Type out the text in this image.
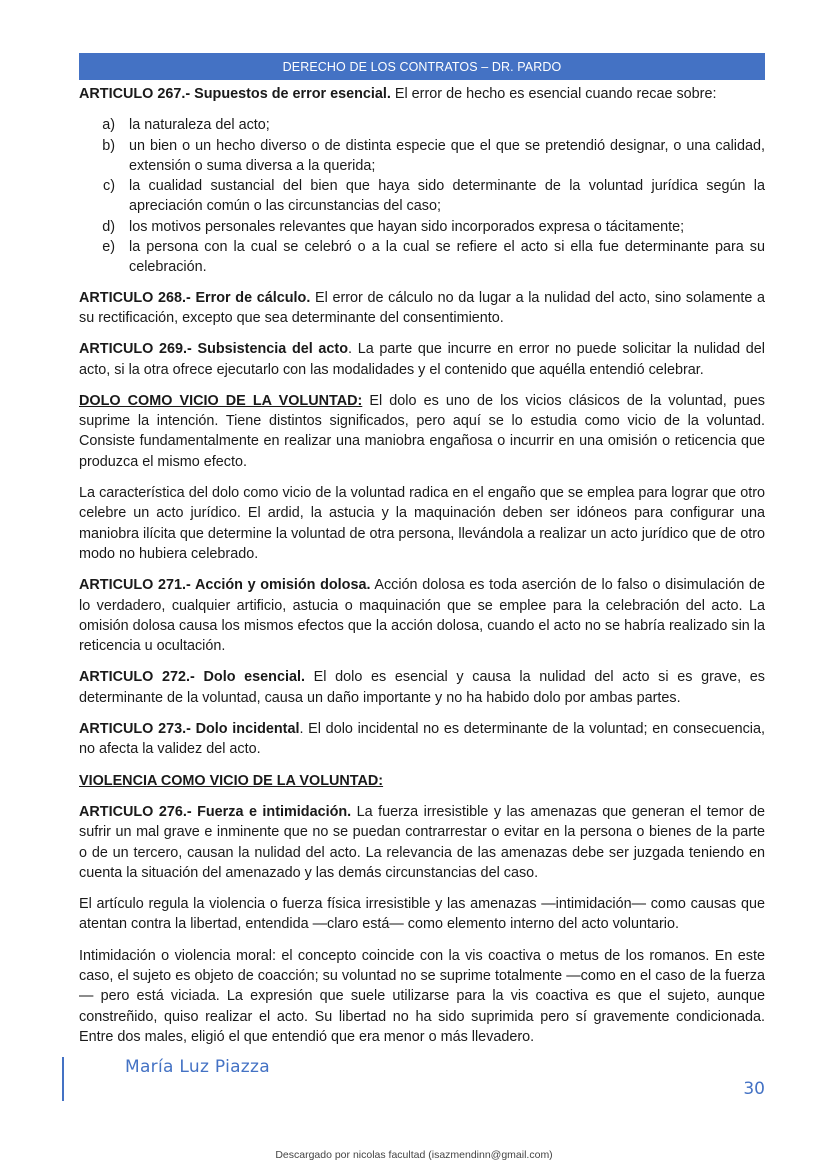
DERECHO DE LOS CONTRATOS – DR. PARDO

ARTICULO 267.- Supuestos de error esencial. El error de hecho es esencial cuando recae sobre:

a) la naturaleza del acto;
b) un bien o un hecho diverso o de distinta especie que el que se pretendió designar, o una calidad, extensión o suma diversa a la querida;
c) la cualidad sustancial del bien que haya sido determinante de la voluntad jurídica según la apreciación común o las circunstancias del caso;
d) los motivos personales relevantes que hayan sido incorporados expresa o tácitamente;
e) la persona con la cual se celebró o a la cual se refiere el acto si ella fue determinante para su celebración.

ARTICULO 268.- Error de cálculo. El error de cálculo no da lugar a la nulidad del acto, sino solamente a su rectificación, excepto que sea determinante del consentimiento.

ARTICULO 269.- Subsistencia del acto. La parte que incurre en error no puede solicitar la nulidad del acto, si la otra ofrece ejecutarlo con las modalidades y el contenido que aquélla entendió celebrar.

DOLO COMO VICIO DE LA VOLUNTAD: El dolo es uno de los vicios clásicos de la voluntad, pues suprime la intención. Tiene distintos significados, pero aquí se lo estudia como vicio de la voluntad. Consiste fundamentalmente en realizar una maniobra engañosa o incurrir en una omisión o reticencia que produzca el mismo efecto.

La característica del dolo como vicio de la voluntad radica en el engaño que se emplea para lograr que otro celebre un acto jurídico. El ardid, la astucia y la maquinación deben ser idóneos para configurar una maniobra ilícita que determine la voluntad de otra persona, llevándola a realizar un acto jurídico que de otro modo no hubiera celebrado.

ARTICULO 271.- Acción y omisión dolosa. Acción dolosa es toda aserción de lo falso o disimulación de lo verdadero, cualquier artificio, astucia o maquinación que se emplee para la celebración del acto. La omisión dolosa causa los mismos efectos que la acción dolosa, cuando el acto no se habría realizado sin la reticencia u ocultación.

ARTICULO 272.- Dolo esencial. El dolo es esencial y causa la nulidad del acto si es grave, es determinante de la voluntad, causa un daño importante y no ha habido dolo por ambas partes.

ARTICULO 273.- Dolo incidental. El dolo incidental no es determinante de la voluntad; en consecuencia, no afecta la validez del acto.

VIOLENCIA COMO VICIO DE LA VOLUNTAD:

ARTICULO 276.- Fuerza e intimidación. La fuerza irresistible y las amenazas que generan el temor de sufrir un mal grave e inminente que no se puedan contrarrestar o evitar en la persona o bienes de la parte o de un tercero, causan la nulidad del acto. La relevancia de las amenazas debe ser juzgada teniendo en cuenta la situación del amenazado y las demás circunstancias del caso.

El artículo regula la violencia o fuerza física irresistible y las amenazas —intimidación— como causas que atentan contra la libertad, entendida —claro está— como elemento interno del acto voluntario.

Intimidación o violencia moral: el concepto coincide con la vis coactiva o metus de los romanos. En este caso, el sujeto es objeto de coacción; su voluntad no se suprime totalmente —como en el caso de la fuerza— pero está viciada. La expresión que suele utilizarse para la vis coactiva es que el sujeto, aunque constreñido, quiso realizar el acto. Su libertad no ha sido suprimida pero sí gravemente condicionada. Entre dos males, eligió el que entendió que era menor o más llevadero.

María Luz Piazza
30
Descargado por nicolas facultad (isazmendinn@gmail.com)
